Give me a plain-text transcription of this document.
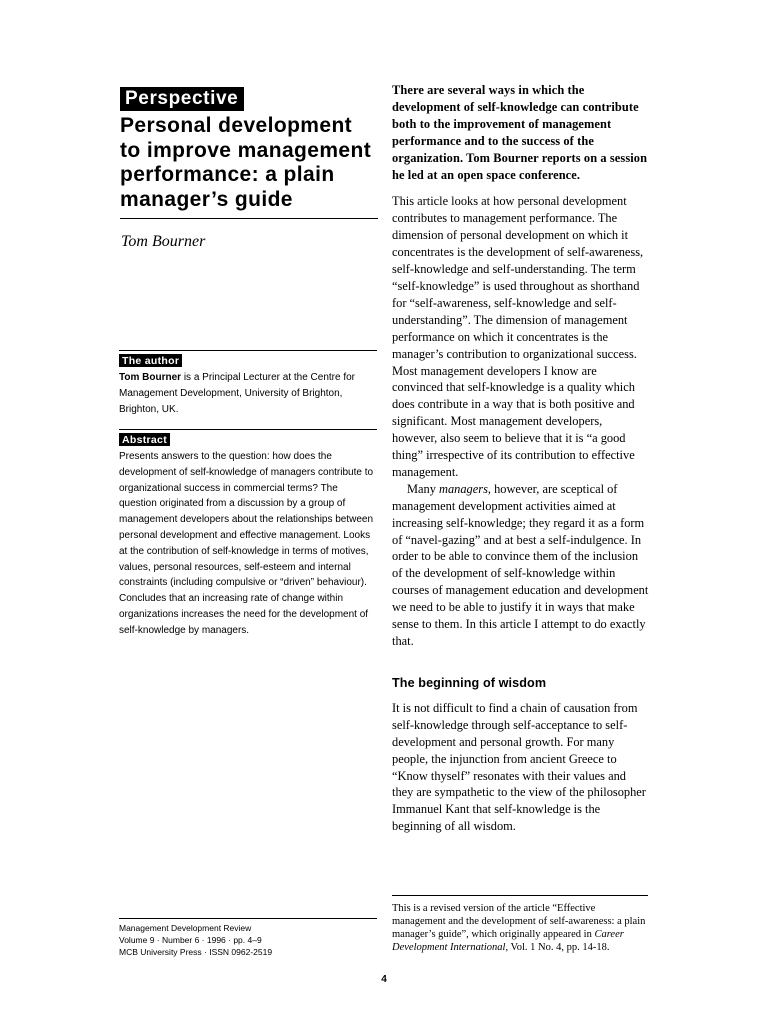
Perspective
Personal development
to improve management
performance: a plain
manager’s guide
Tom Bourner
The author
Tom Bourner is a Principal Lecturer at the Centre for Management Development, University of Brighton, Brighton, UK.
Abstract
Presents answers to the question: how does the development of self-knowledge of managers contribute to organizational success in commercial terms? The question originated from a discussion by a group of management developers about the relationships between personal development and effective management. Looks at the contribution of self-knowledge in terms of motives, values, personal resources, self-esteem and internal constraints (including compulsive or “driven” behaviour). Concludes that an increasing rate of change within organizations increases the need for the development of self-knowledge by managers.
Management Development Review
Volume 9 · Number 6 · 1996 · pp. 4–9
MCB University Press · ISSN 0962-2519

There are several ways in which the development of self-knowledge can contribute both to the improvement of management performance and to the success of the organization. Tom Bourner reports on a session he led at an open space conference.

This article looks at how personal development contributes to management performance. The dimension of personal development on which it concentrates is the development of self-awareness, self-knowledge and self-understanding. The term “self-knowledge” is used throughout as shorthand for “self-awareness, self-knowledge and self-understanding”. The dimension of management performance on which it concentrates is the manager’s contribution to organizational success. Most management developers I know are convinced that self-knowledge is a quality which does contribute in a way that is both positive and significant. Most management developers, however, also seem to believe that it is “a good thing” irrespective of its contribution to effective management.

Many managers, however, are sceptical of management development activities aimed at increasing self-knowledge; they regard it as a form of “navel-gazing” and at best a self-indulgence. In order to be able to convince them of the inclusion of the development of self-knowledge within courses of management education and development we need to be able to justify it in ways that make sense to them. In this article I attempt to do exactly that.

The beginning of wisdom

It is not difficult to find a chain of causation from self-knowledge through self-acceptance to self-development and personal growth. For many people, the injunction from ancient Greece to “Know thyself” resonates with their values and they are sympathetic to the view of the philosopher Immanuel Kant that self-knowledge is the beginning of all wisdom.

This is a revised version of the article “Effective management and the development of self-awareness: a plain manager’s guide”, which originally appeared in Career Development International, Vol. 1 No. 4, pp. 14-18.
4
